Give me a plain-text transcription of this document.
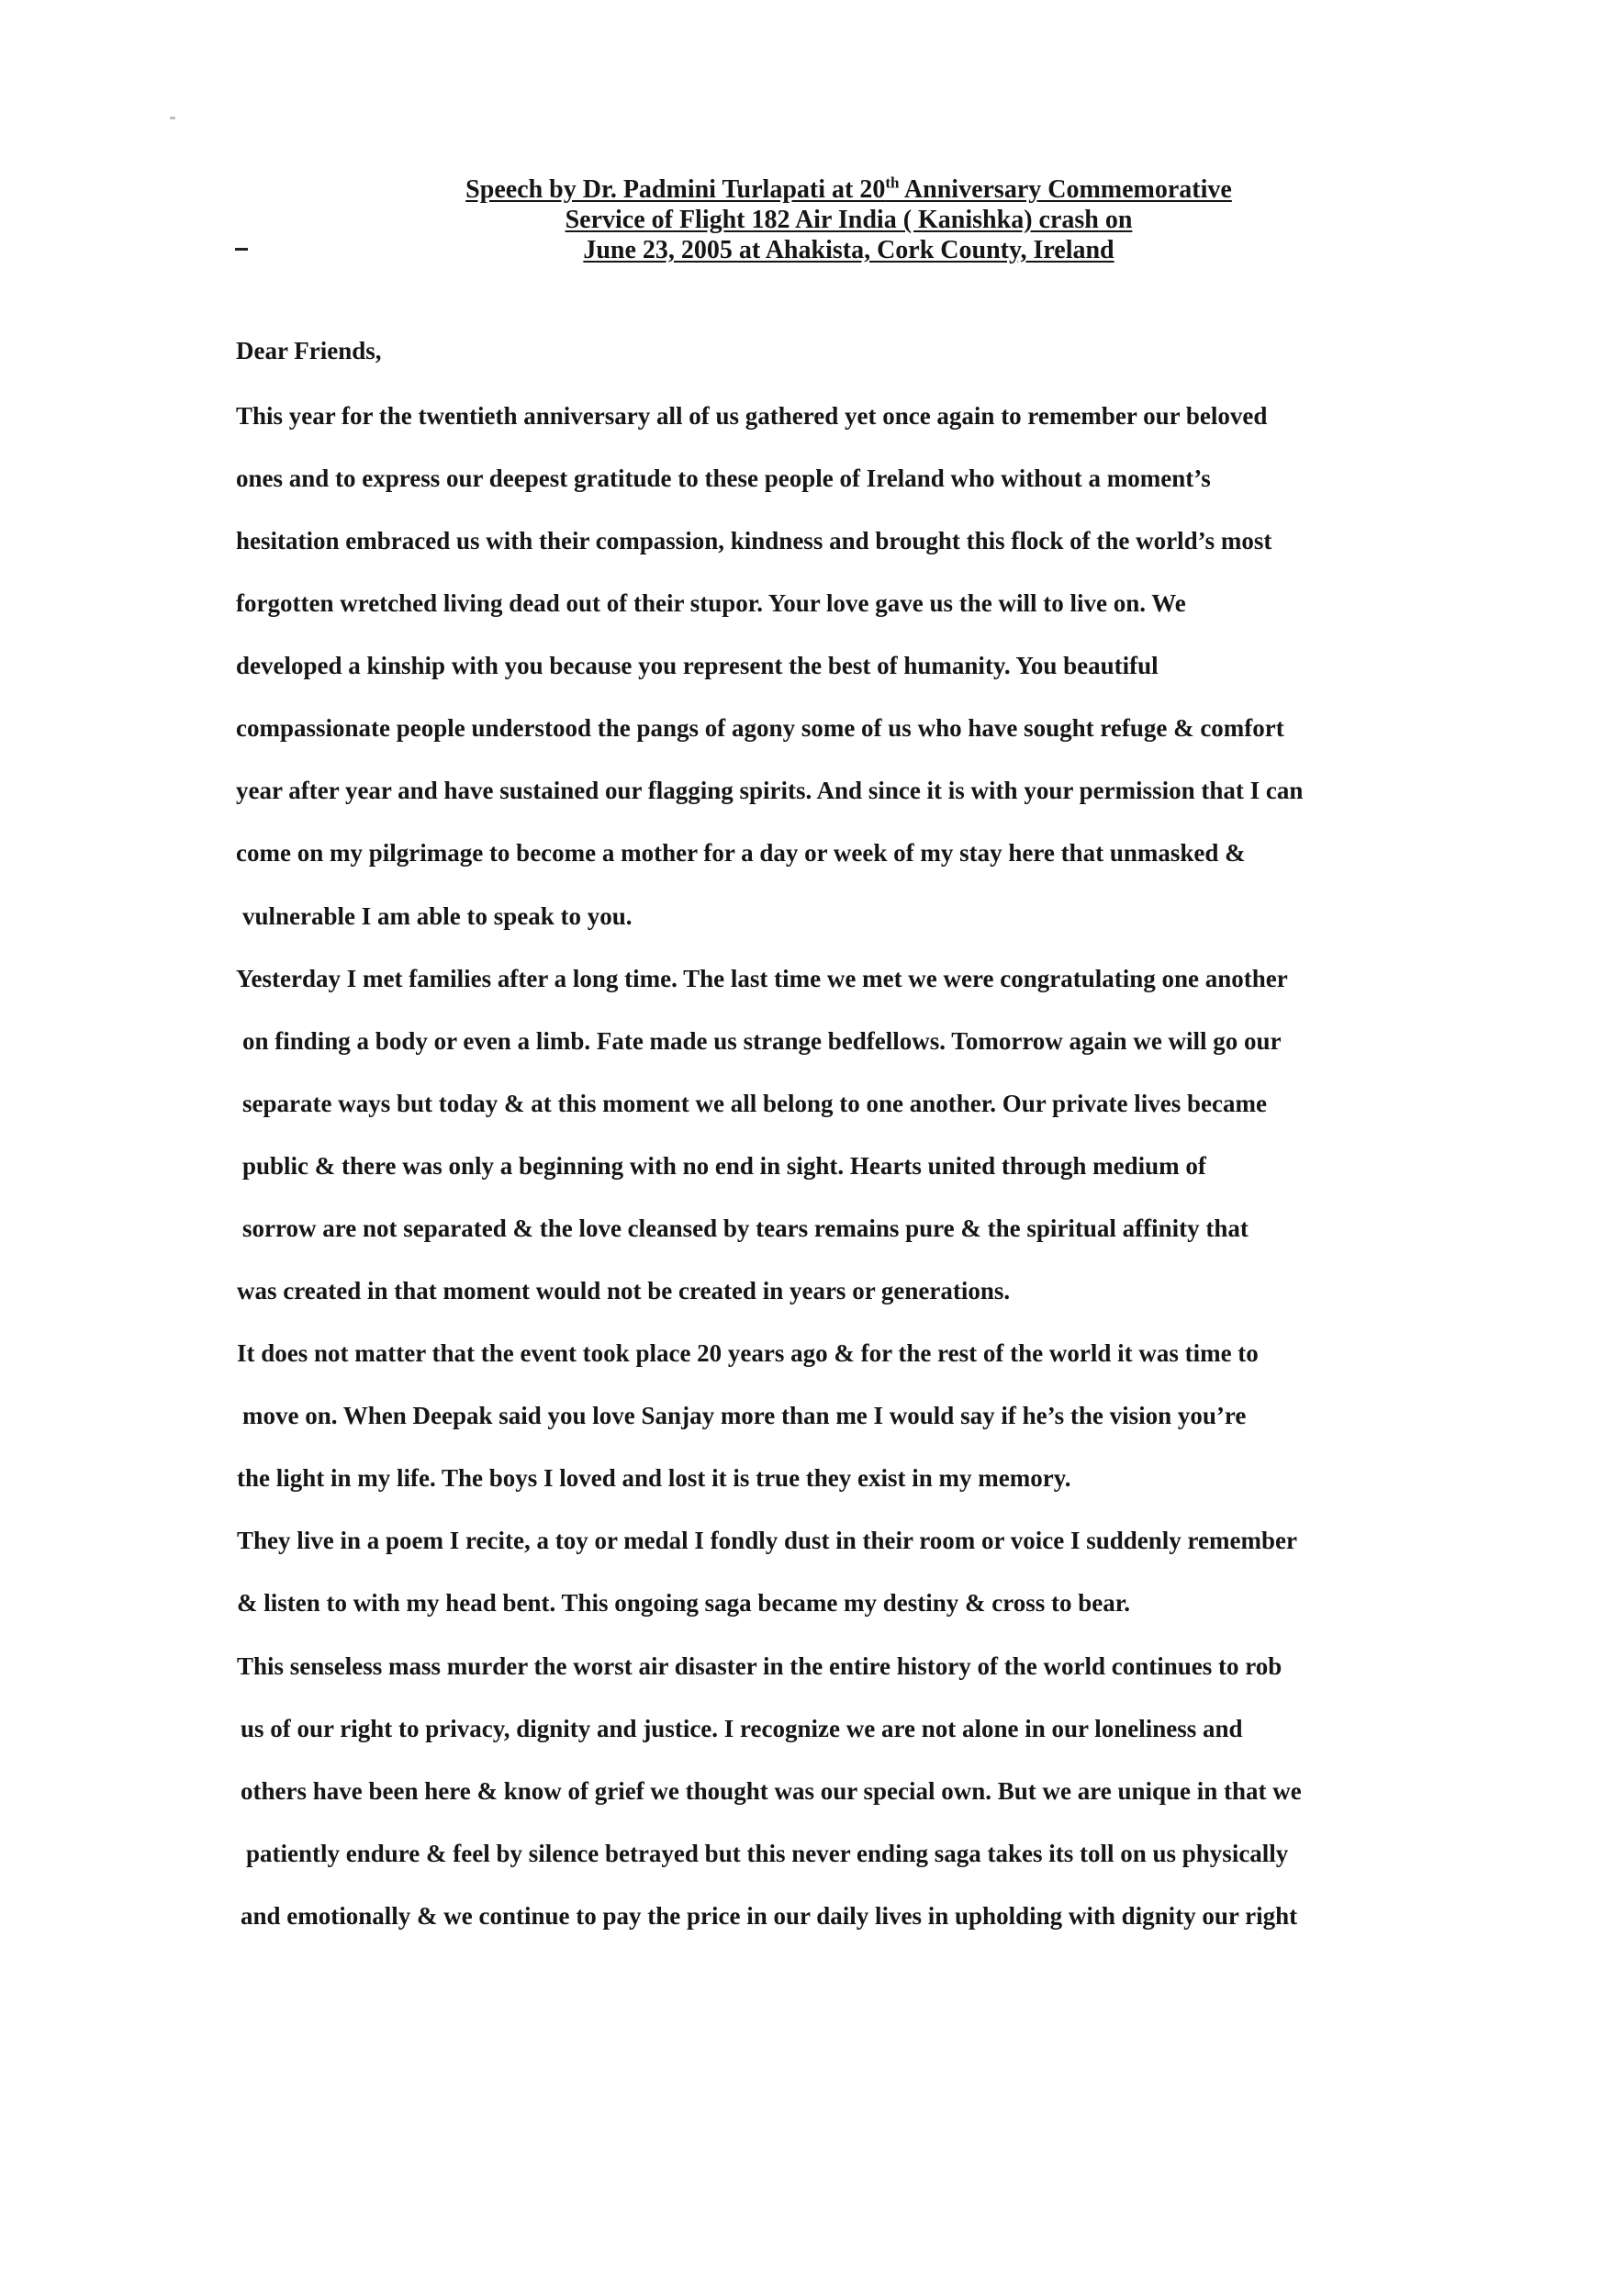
Speech by Dr. Padmini Turlapati at 20th Anniversary Commemorative
Service of Flight 182 Air India ( Kanishka) crash on
June 23, 2005 at Ahakista, Cork County, Ireland
Dear Friends,
This year for the twentieth anniversary all of us gathered yet once again to remember our beloved
ones and to express our deepest gratitude to these people of Ireland who without a moment’s
hesitation embraced us with their compassion, kindness and brought this flock of the world’s most
forgotten wretched living dead out of their stupor. Your love gave us the will to live on. We
developed a kinship with you because you represent the best of humanity. You beautiful
compassionate people understood the pangs of agony some of us who have sought refuge & comfort
year after year and have sustained our flagging spirits. And since it is with your permission that I can
come on my pilgrimage to become a mother for a day or week of my stay here that unmasked &
vulnerable I am able to speak to you.
Yesterday I met families after a long time. The last time we met we were congratulating one another
on finding a body or even a limb. Fate made us strange bedfellows. Tomorrow again we will go our
separate ways but today & at this moment we all belong to one another. Our private lives became
public & there was only a beginning with no end in sight. Hearts united through medium of
sorrow are not separated & the love cleansed by tears remains pure & the spiritual affinity that
was created in that moment would not be created in years or generations.
It does not matter that the event took place 20 years ago & for the rest of the world it was time to
move on. When Deepak said you love Sanjay more than me I would say if he’s the vision you’re
the light in my life. The boys I loved and lost it is true they exist in my memory.
They live in a poem I recite, a toy or medal I fondly dust in their room or voice I suddenly remember
& listen to with my head bent. This ongoing saga became my destiny & cross to bear.
This senseless mass murder the worst air disaster in the entire history of the world continues to rob
us of our right to privacy, dignity and justice. I recognize we are not alone in our loneliness and
others have been here & know of grief we thought was our special own. But we are unique in that we
patiently endure & feel by silence betrayed but this never ending saga takes its toll on us physically
and emotionally & we continue to pay the price in our daily lives in upholding with dignity our right
